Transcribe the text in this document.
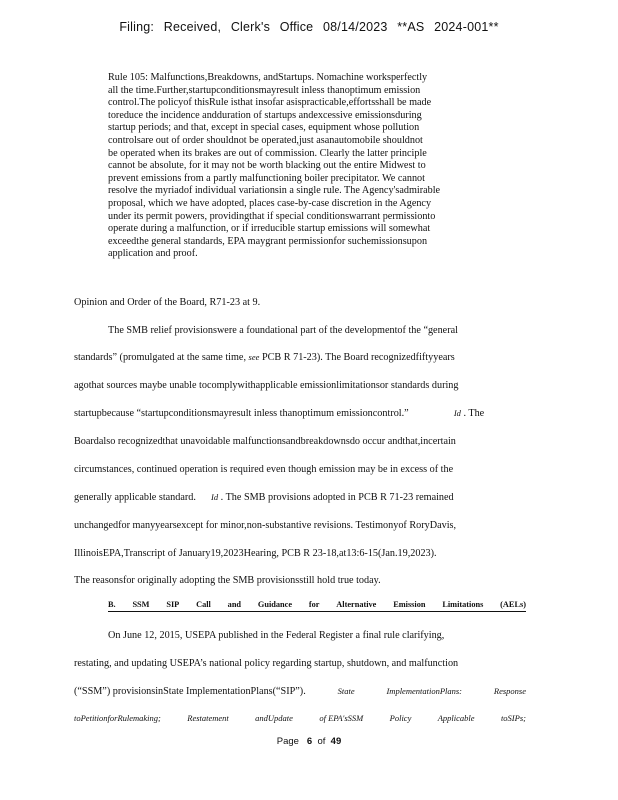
Filing: Received, Clerk's Office 08/14/2023 **AS 2024-001**
Rule 105: Malfunctions,Breakdowns, andStartups. Nomachine worksperfectly
all the time.Further,startupconditionsmayresult inless thanoptimum emission
control.The policyof thisRule isthat insofar asispracticable,effortsshall be made
toreduce the incidence andduration of startups andexcessive emissionsduring
startup periods; and that, except in special cases, equipment whose pollution
controlsare out of order shouldnot be operated,just asanautomobile shouldnot
be operated when its brakes are out of commission. Clearly the latter principle
cannot be absolute, for it may not be worth blacking out the entire Midwest to
prevent emissions from a partly malfunctioning boiler precipitator. We cannot
resolve the myriadof individual variationsin a single rule. The Agency'sadmirable
proposal, which we have adopted, places case-by-case discretion in the Agency
under its permit powers, providingthat if special conditionswarrant permissionto
operate during a malfunction, or if irreducible startup emissions will somewhat
exceedthe general standards, EPA maygrant permissionfor suchemissionsupon
application and proof.
Opinion and Order of the Board, R71-23 at 9.
The SMB relief provisionswere a foundational part of the developmentof the “general
standards” (promulgated at the same time, see PCB R 71-23). The Board recognizedfiftyyears
agothat sources maybe unable tocomplywithapplicable emissionlimitationsor standards during
startupbecause “startupconditionsmayresult inless thanoptimum emissioncontrol.”	Id . The
Boardalso recognizedthat unavoidable malfunctionsandbreakdownsdo occur andthat,incertain
circumstances, continued operation is required even though emission may be in excess of the
generally applicable standard. Id . The SMB provisions adopted in PCB R 71-23 remained
unchangedfor manyyearsexcept for minor,non-substantive revisions. Testimonyof RoryDavis,
IllinoisEPA,Transcript of January19,2023Hearing, PCB R 23-18,at13:6-15(Jan.19,2023).
The reasonsfor originally adopting the SMB provisionsstill hold true today.
B. SSM SIP Call and Guidance for Alternative Emission Limitations (AELs)
On June 12, 2015, USEPA published in the Federal Register a final rule clarifying,
restating, and updating USEPA’s national policy regarding startup, shutdown, and malfunction
(“SSM”) provisionsinState ImplementationPlans(“SIP”).	State	ImplementationPlans:	Response
toPetitionforRulemaking;	Restatement	andUpdate	of EPA'sSSM	Policy	Applicable	toSIPs;
Page 6 of 49
